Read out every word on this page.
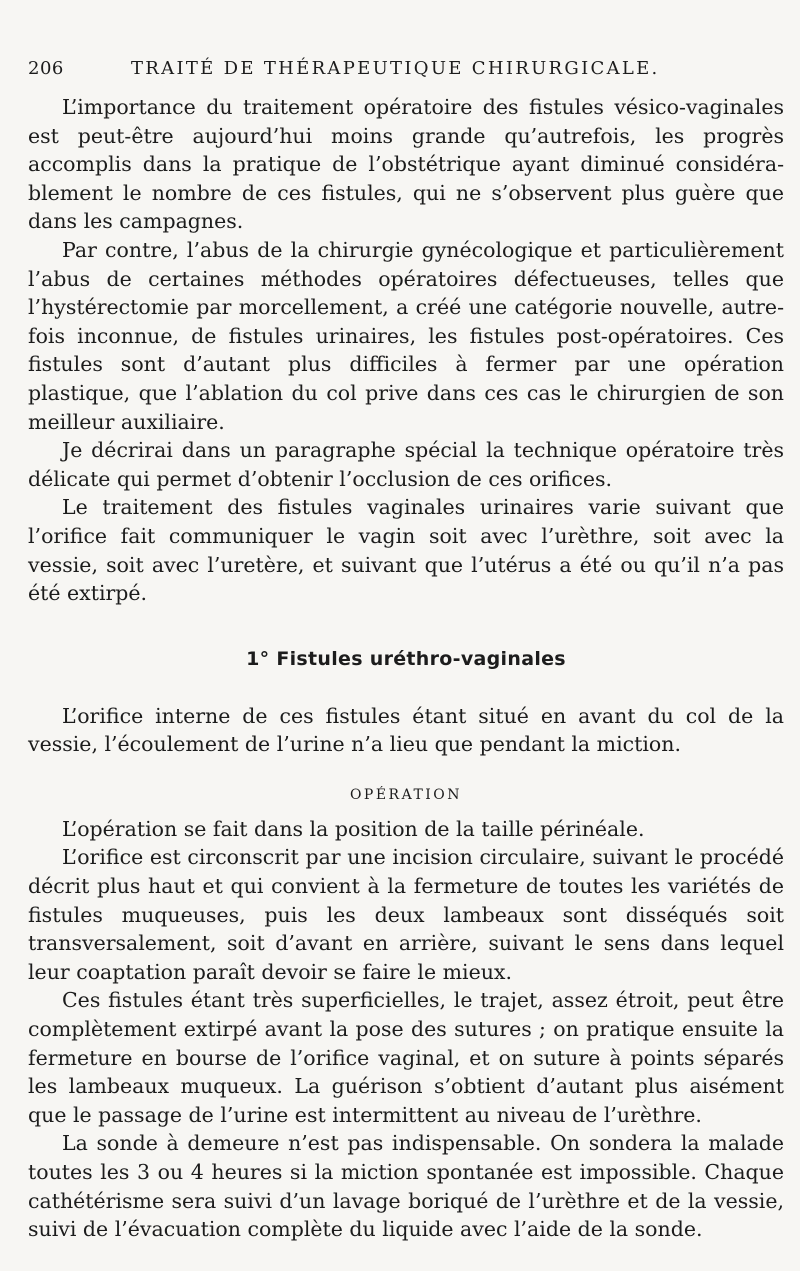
206	TRAITÉ DE THÉRAPEUTIQUE CHIRURGICALE.

L’importance du traitement opératoire des fistules vésico-vaginales est peut-être aujourd’hui moins grande qu’autrefois, les progrès accomplis dans la pratique de l’obstétrique ayant diminué considérablement le nombre de ces fistules, qui ne s’observent plus guère que dans les campagnes.

Par contre, l’abus de la chirurgie gynécologique et particulièrement l’abus de certaines méthodes opératoires défectueuses, telles que l’hystérectomie par morcellement, a créé une catégorie nouvelle, autrefois inconnue, de fistules urinaires, les fistules post-opératoires. Ces fistules sont d’autant plus difficiles à fermer par une opération plastique, que l’ablation du col prive dans ces cas le chirurgien de son meilleur auxiliaire.

Je décrirai dans un paragraphe spécial la technique opératoire très délicate qui permet d’obtenir l’occlusion de ces orifices.

Le traitement des fistules vaginales urinaires varie suivant que l’orifice fait communiquer le vagin soit avec l’urèthre, soit avec la vessie, soit avec l’uretère, et suivant que l’utérus a été ou qu’il n’a pas été extirpé.

1° Fistules uréthro-vaginales

L’orifice interne de ces fistules étant situé en avant du col de la vessie, l’écoulement de l’urine n’a lieu que pendant la miction.

OPÉRATION

L’opération se fait dans la position de la taille périnéale.

L’orifice est circonscrit par une incision circulaire, suivant le procédé décrit plus haut et qui convient à la fermeture de toutes les variétés de fistules muqueuses, puis les deux lambeaux sont disséqués soit transversalement, soit d’avant en arrière, suivant le sens dans lequel leur coaptation paraît devoir se faire le mieux.

Ces fistules étant très superficielles, le trajet, assez étroit, peut être complètement extirpé avant la pose des sutures ; on pratique ensuite la fermeture en bourse de l’orifice vaginal, et on suture à points séparés les lambeaux muqueux. La guérison s’obtient d’autant plus aisément que le passage de l’urine est intermittent au niveau de l’urèthre.

La sonde à demeure n’est pas indispensable. On sondera la malade toutes les 3 ou 4 heures si la miction spontanée est impossible. Chaque cathétérisme sera suivi d’un lavage boriqué de l’urèthre et de la vessie, suivi de l’évacuation complète du liquide avec l’aide de la sonde.
